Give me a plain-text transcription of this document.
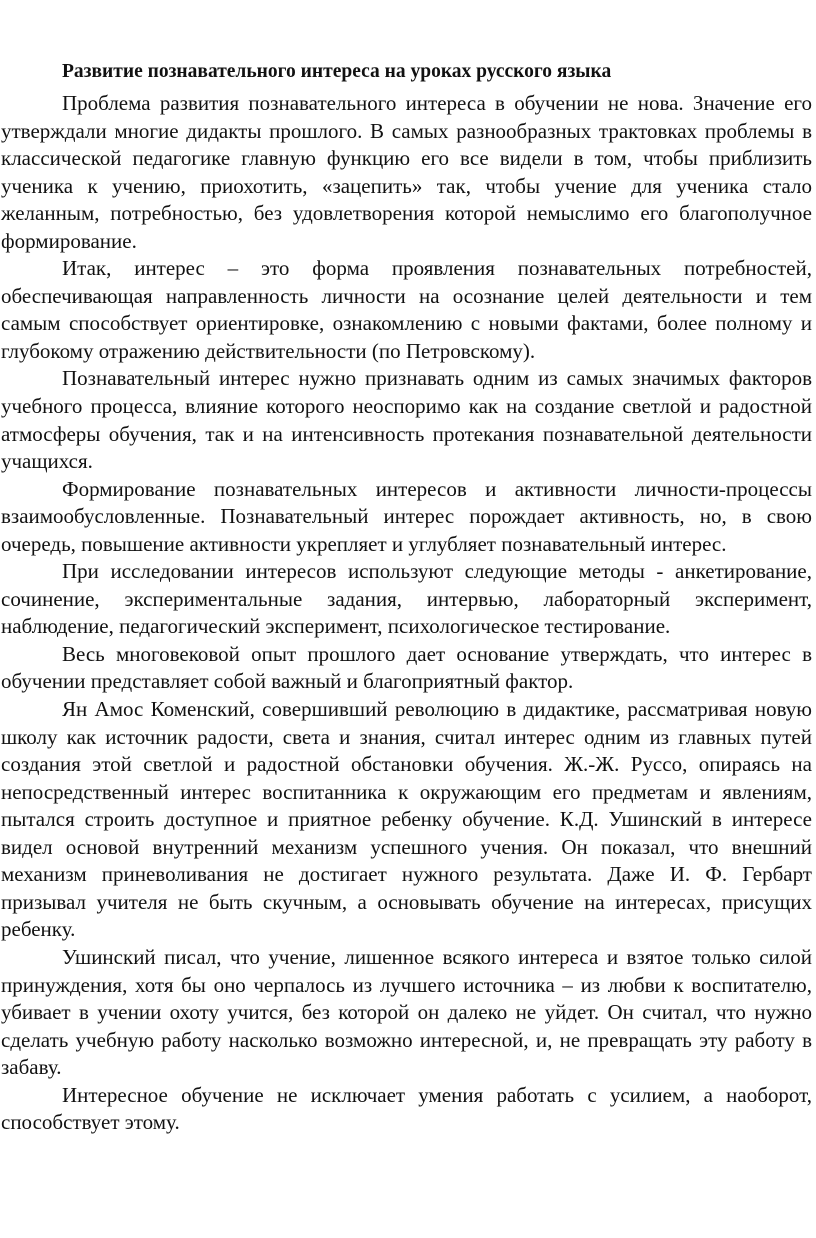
Развитие познавательного интереса на уроках русского языка

Проблема развития познавательного интереса в обучении не нова. Значение его утверждали многие дидакты прошлого. В самых разнообразных трактовках проблемы в классической педагогике главную функцию его все видели в том, чтобы приблизить ученика к учению, приохотить, «зацепить» так, чтобы учение для ученика стало желанным, потребностью, без удовлетворения которой немыслимо его благополучное формирование.

Итак, интерес – это форма проявления познавательных потребностей, обеспечивающая направленность личности на осознание целей деятельности и тем самым способствует ориентировке, ознакомлению с новыми фактами, более полному и глубокому отражению действительности (по Петровскому).

Познавательный интерес нужно признавать одним из самых значимых факторов учебного процесса, влияние которого неоспоримо как на создание светлой и радостной атмосферы обучения, так и на интенсивность протекания познавательной деятельности учащихся.

Формирование познавательных интересов и активности личности-процессы взаимообусловленные. Познавательный интерес порождает активность, но, в свою очередь, повышение активности укрепляет и углубляет познавательный интерес.

При исследовании интересов используют следующие методы - анкетирование, сочинение, экспериментальные задания, интервью, лабораторный эксперимент, наблюдение, педагогический эксперимент, психологическое тестирование.

Весь многовековой опыт прошлого дает основание утверждать, что интерес в обучении представляет собой важный и благоприятный фактор.

Ян Амос Коменский, совершивший революцию в дидактике, рассматривая новую школу как источник радости, света и знания, считал интерес одним из главных путей создания этой светлой и радостной обстановки обучения. Ж.-Ж. Руссо, опираясь на непосредственный интерес воспитанника к окружающим его предметам и явлениям, пытался строить доступное и приятное ребенку обучение. К.Д. Ушинский в интересе видел основой внутренний механизм успешного учения. Он показал, что внешний механизм приневоливания не достигает нужного результата. Даже И. Ф. Гербарт призывал учителя не быть скучным, а основывать обучение на интересах, присущих ребенку.

Ушинский писал, что учение, лишенное всякого интереса и взятое только силой принуждения, хотя бы оно черпалось из лучшего источника – из любви к воспитателю, убивает в учении охоту учится, без которой он далеко не уйдет. Он считал, что нужно сделать учебную работу насколько возможно интересной, и, не превращать эту работу в забаву.

Интересное обучение не исключает умения работать с усилием, а наоборот, способствует этому.
